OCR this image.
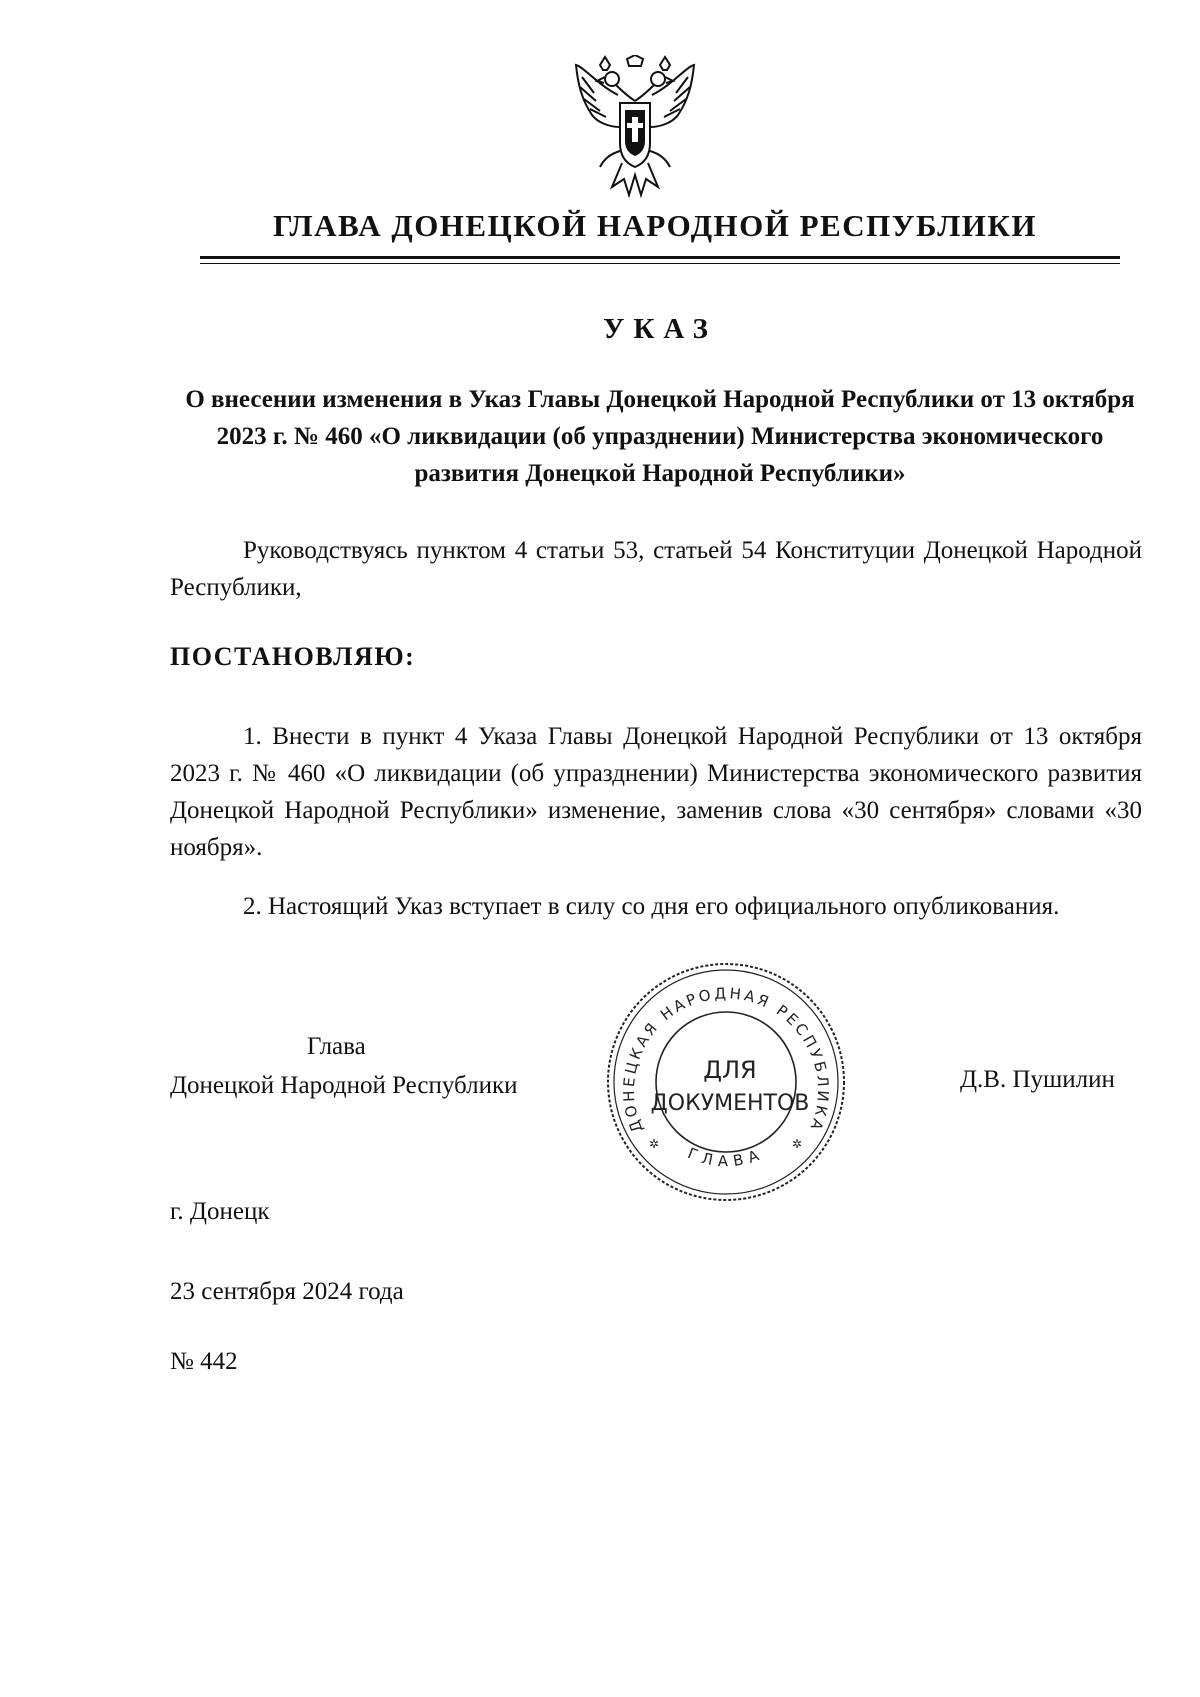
ГЛАВА ДОНЕЦКОЙ НАРОДНОЙ РЕСПУБЛИКИ
УКАЗ
О внесении изменения в Указ Главы Донецкой Народной Республики от 13 октября 2023 г. № 460 «О ликвидации (об упразднении) Министерства экономического развития Донецкой Народной Республики»
Руководствуясь пунктом 4 статьи 53, статьей 54 Конституции Донецкой Народной Республики,
ПОСТАНОВЛЯЮ:
1. Внести в пункт 4 Указа Главы Донецкой Народной Республики от 13 октября 2023 г. № 460 «О ликвидации (об упразднении) Министерства экономического развития Донецкой Народной Республики» изменение, заменив слова «30 сентября» словами «30 ноября».
2. Настоящий Указ вступает в силу со дня его официального опубликования.
Глава
Донецкой Народной Республики
ДОНЕЦКАЯ НАРОДНАЯ РЕСПУБЛИКА
ГЛАВА
✲	✲
ДЛЯ
ДОКУМЕНТОВ
Д.В. Пушилин
г. Донецк
23 сентября 2024 года
№ 442
